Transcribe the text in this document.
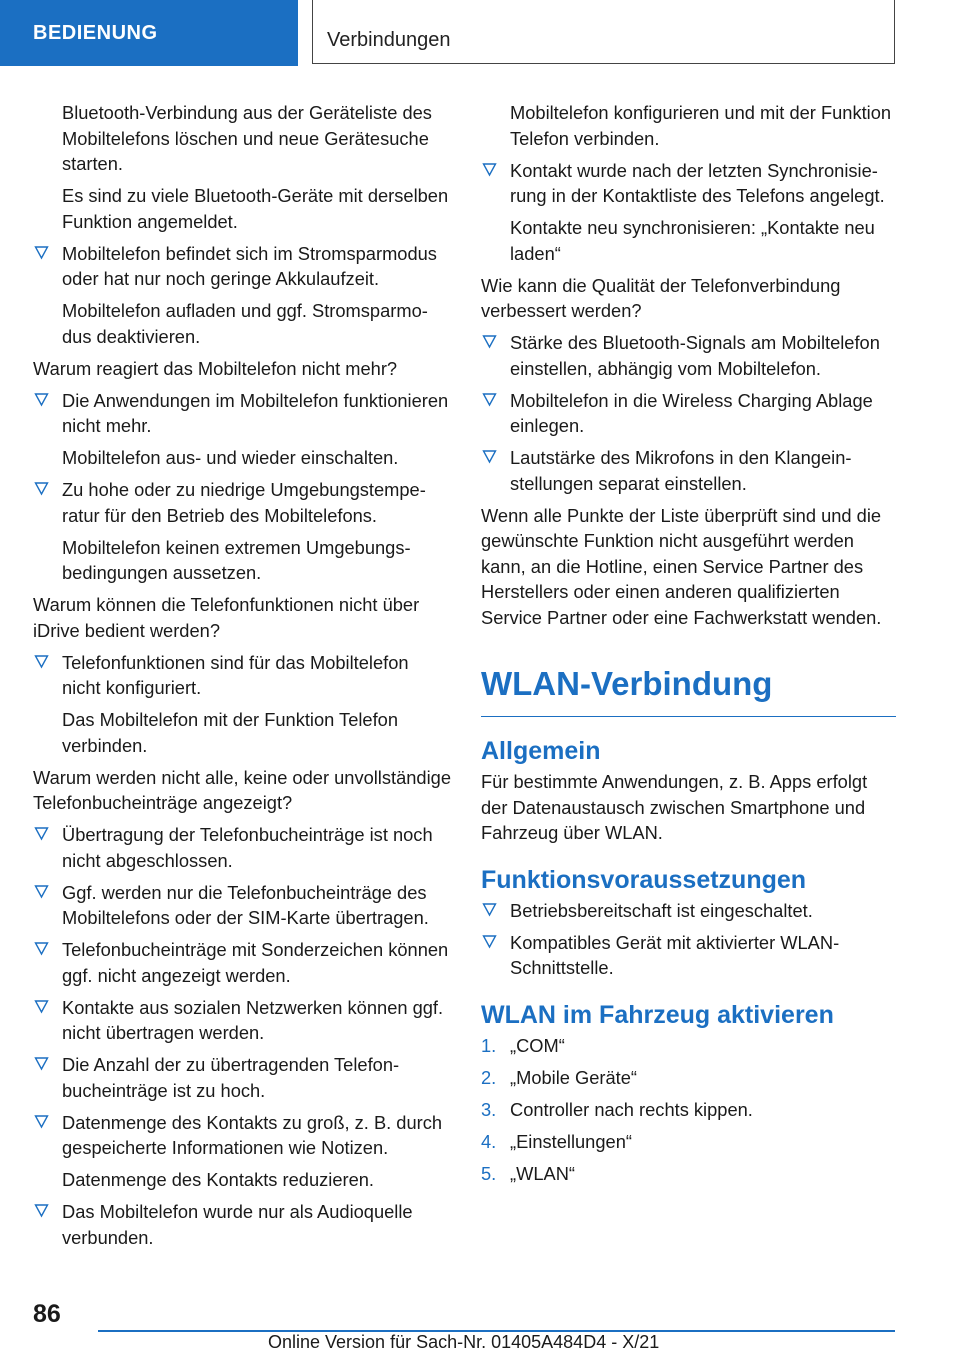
BEDIENUNG	Verbindungen

Bluetooth-Verbindung aus der Geräteliste des Mobiltelefons löschen und neue Gerätesuche starten.

Es sind zu viele Bluetooth-Geräte mit derselben Funktion angemeldet.

Mobiltelefon befindet sich im Stromsparmodus oder hat nur noch geringe Akkulaufzeit.

Mobiltelefon aufladen und ggf. Stromsparmodus deaktivieren.

Warum reagiert das Mobiltelefon nicht mehr?

Die Anwendungen im Mobiltelefon funktionieren nicht mehr.

Mobiltelefon aus- und wieder einschalten.

Zu hohe oder zu niedrige Umgebungstemperatur für den Betrieb des Mobiltelefons.

Mobiltelefon keinen extremen Umgebungsbedingungen aussetzen.

Warum können die Telefonfunktionen nicht über iDrive bedient werden?

Telefonfunktionen sind für das Mobiltelefon nicht konfiguriert.

Das Mobiltelefon mit der Funktion Telefon verbinden.

Warum werden nicht alle, keine oder unvollständige Telefonbucheinträge angezeigt?

Übertragung der Telefonbucheinträge ist noch nicht abgeschlossen.
Ggf. werden nur die Telefonbucheinträge des Mobiltelefons oder der SIM-Karte übertragen.
Telefonbucheinträge mit Sonderzeichen können ggf. nicht angezeigt werden.
Kontakte aus sozialen Netzwerken können ggf. nicht übertragen werden.
Die Anzahl der zu übertragenden Telefonbucheinträge ist zu hoch.
Datenmenge des Kontakts zu groß, z. B. durch gespeicherte Informationen wie Notizen.

Datenmenge des Kontakts reduzieren.

Das Mobiltelefon wurde nur als Audioquelle verbunden.

Mobiltelefon konfigurieren und mit der Funktion Telefon verbinden.

Kontakt wurde nach der letzten Synchronisierung in der Kontaktliste des Telefons angelegt.

Kontakte neu synchronisieren: „Kontakte neu laden“

Wie kann die Qualität der Telefonverbindung verbessert werden?

Stärke des Bluetooth-Signals am Mobiltelefon einstellen, abhängig vom Mobiltelefon.
Mobiltelefon in die Wireless Charging Ablage einlegen.
Lautstärke des Mikrofons in den Klangeinstellungen separat einstellen.

Wenn alle Punkte der Liste überprüft sind und die gewünschte Funktion nicht ausgeführt werden kann, an die Hotline, einen Service Partner des Herstellers oder einen anderen qualifizierten Service Partner oder eine Fachwerkstatt wenden.

WLAN-Verbindung
Allgemein

Für bestimmte Anwendungen, z. B. Apps erfolgt der Datenaustausch zwischen Smartphone und Fahrzeug über WLAN.

Funktionsvoraussetzungen
Betriebsbereitschaft ist eingeschaltet.
Kompatibles Gerät mit aktivierter WLAN-Schnittstelle.
WLAN im Fahrzeug aktivieren
1. „COM“
2. „Mobile Geräte“
3. Controller nach rechts kippen.
4. „Einstellungen“
5. „WLAN“
86
Online Version für Sach-Nr. 01405A484D4 - X/21
